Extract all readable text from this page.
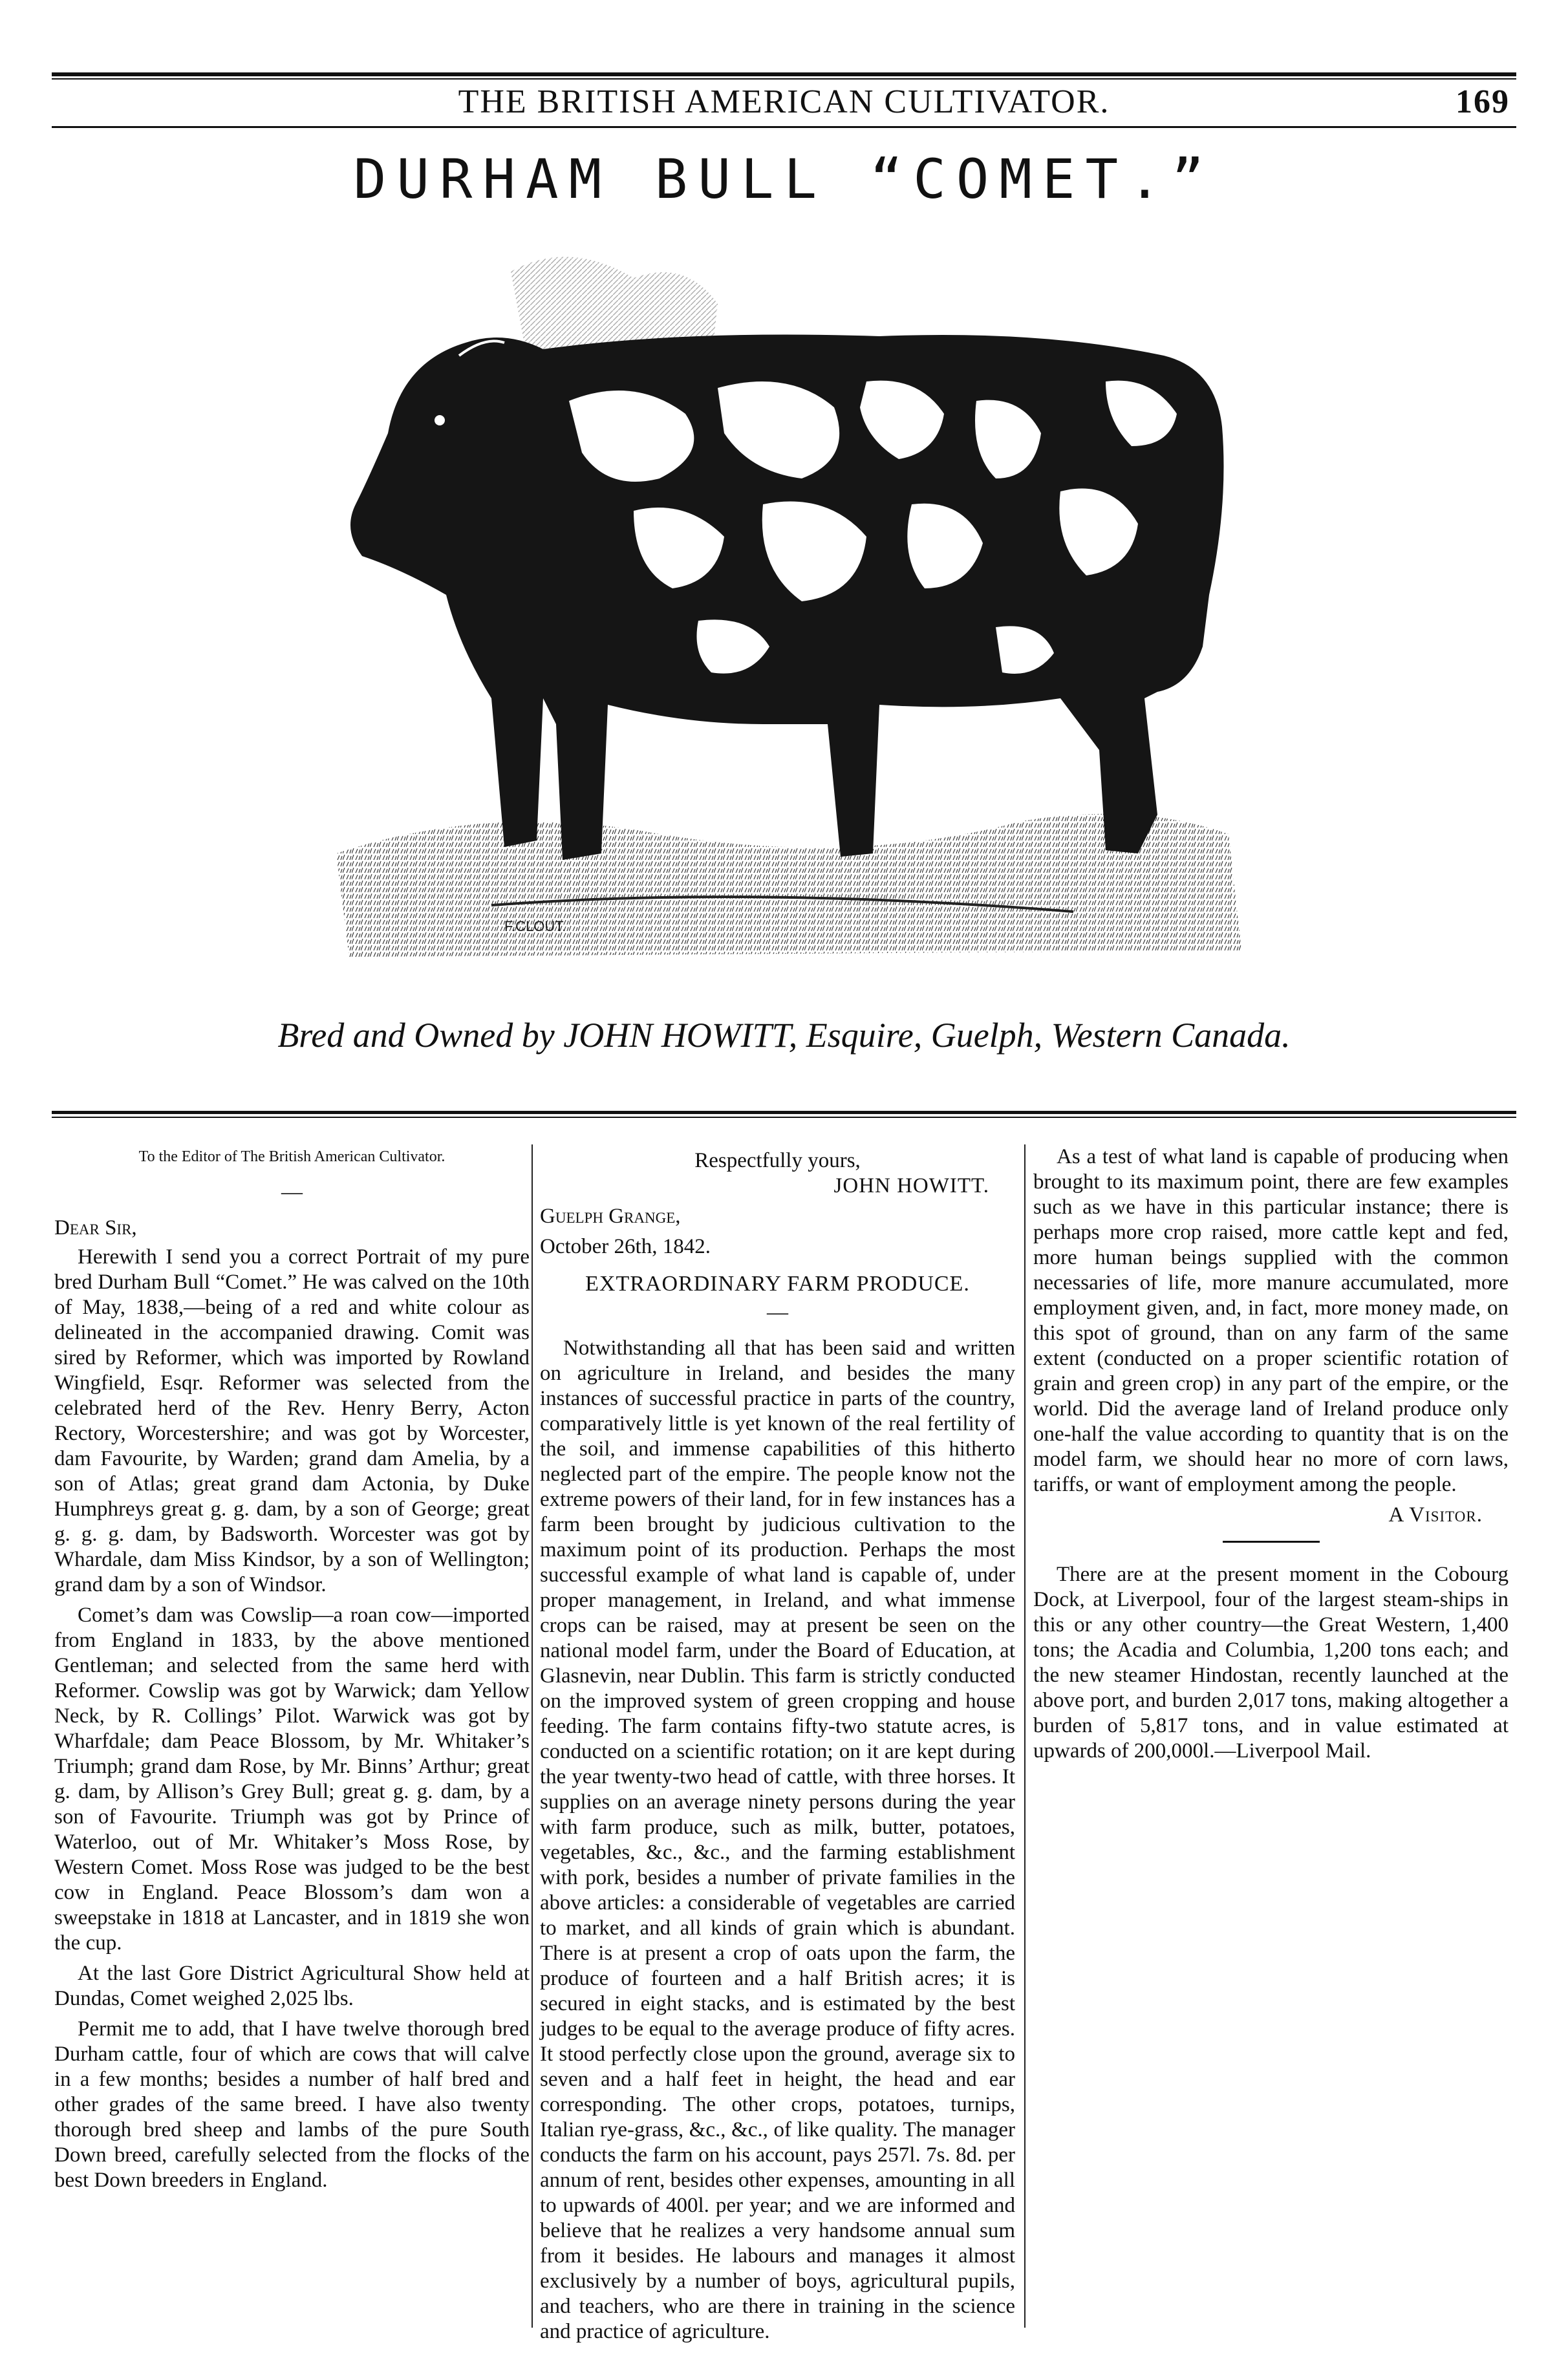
THE BRITISH AMERICAN CULTIVATOR.	169
DURHAM BULL “COMET.”
F.CLOUT.
Bred and Owned by JOHN HOWITT, Esquire, Guelph, Western Canada.
To the Editor of The British American Cultivator.
—
Dear Sir,

Herewith I send you a correct Portrait of my pure bred Durham Bull “Comet.” He was calved on the 10th of May, 1838,—being of a red and white colour as delineated in the accompanied drawing. Comit was sired by Reformer, which was imported by Rowland Wingfield, Esqr. Reformer was selected from the celebrated herd of the Rev. Henry Berry, Acton Rectory, Worcestershire; and was got by Worcester, dam Favourite, by Warden; grand dam Amelia, by a son of Atlas; great grand dam Actonia, by Duke Humphreys great g. g. dam, by a son of George; great g. g. g. dam, by Badsworth. Worcester was got by Whardale, dam Miss Kindsor, by a son of Wellington; grand dam by a son of Windsor.

Comet’s dam was Cowslip—a roan cow—imported from England in 1833, by the above mentioned Gentleman; and selected from the same herd with Reformer. Cowslip was got by Warwick; dam Yellow Neck, by R. Collings’ Pilot. Warwick was got by Wharfdale; dam Peace Blossom, by Mr. Whitaker’s Triumph; grand dam Rose, by Mr. Binns’ Arthur; great g. dam, by Allison’s Grey Bull; great g. g. dam, by a son of Favourite. Triumph was got by Prince of Waterloo, out of Mr. Whitaker’s Moss Rose, by Western Comet. Moss Rose was judged to be the best cow in England. Peace Blossom’s dam won a sweepstake in 1818 at Lancaster, and in 1819 she won the cup.

At the last Gore District Agricultural Show held at Dundas, Comet weighed 2,025 lbs.

Permit me to add, that I have twelve thorough bred Durham cattle, four of which are cows that will calve in a few months; besides a number of half bred and other grades of the same breed. I have also twenty thorough bred sheep and lambs of the pure South Down breed, carefully selected from the flocks of the best Down breeders in England.

Respectfully yours,

JOHN HOWITT.

Guelph Grange,

October 26th, 1842.

EXTRAORDINARY FARM PRODUCE.
—

Notwithstanding all that has been said and written on agriculture in Ireland, and besides the many instances of successful practice in parts of the country, comparatively little is yet known of the real fertility of the soil, and immense capabilities of this hitherto neglected part of the empire. The people know not the extreme powers of their land, for in few instances has a farm been brought by judicious cultivation to the maximum point of its production. Perhaps the most successful example of what land is capable of, under proper management, in Ireland, and what immense crops can be raised, may at present be seen on the national model farm, under the Board of Education, at Glasnevin, near Dublin. This farm is strictly conducted on the improved system of green cropping and house feeding. The farm contains fifty-two statute acres, is conducted on a scientific rotation; on it are kept during the year twenty-two head of cattle, with three horses. It supplies on an average ninety persons during the year with farm produce, such as milk, butter, potatoes, vegetables, &c., &c., and the farming establishment with pork, besides a number of private families in the above articles: a considerable of vegetables are carried to market, and all kinds of grain which is abundant. There is at present a crop of oats upon the farm, the produce of fourteen and a half British acres; it is secured in eight stacks, and is estimated by the best judges to be equal to the average produce of fifty acres. It stood perfectly close upon the ground, average six to seven and a half feet in height, the head and ear corresponding. The other crops, potatoes, turnips, Italian rye-grass, &c., &c., of like quality. The manager conducts the farm on his account, pays 257l. 7s. 8d. per annum of rent, besides other expenses, amounting in all to upwards of 400l. per year; and we are informed and believe that he realizes a very handsome annual sum from it besides. He labours and manages it almost exclusively by a number of boys, agricultural pupils, and teachers, who are there in training in the science and practice of agriculture.

As a test of what land is capable of producing when brought to its maximum point, there are few examples such as we have in this particular instance; there is perhaps more crop raised, more cattle kept and fed, more human beings supplied with the common necessaries of life, more manure accumulated, more employment given, and, in fact, more money made, on this spot of ground, than on any farm of the same extent (conducted on a proper scientific rotation of grain and green crop) in any part of the empire, or the world. Did the average land of Ireland produce only one-half the value according to quantity that is on the model farm, we should hear no more of corn laws, tariffs, or want of employment among the people.

A Visitor.

There are at the present moment in the Cobourg Dock, at Liverpool, four of the largest steam-ships in this or any other country—the Great Western, 1,400 tons; the Acadia and Columbia, 1,200 tons each; and the new steamer Hindostan, recently launched at the above port, and burden 2,017 tons, making altogether a burden of 5,817 tons, and in value estimated at upwards of 200,000l.—Liverpool Mail.
